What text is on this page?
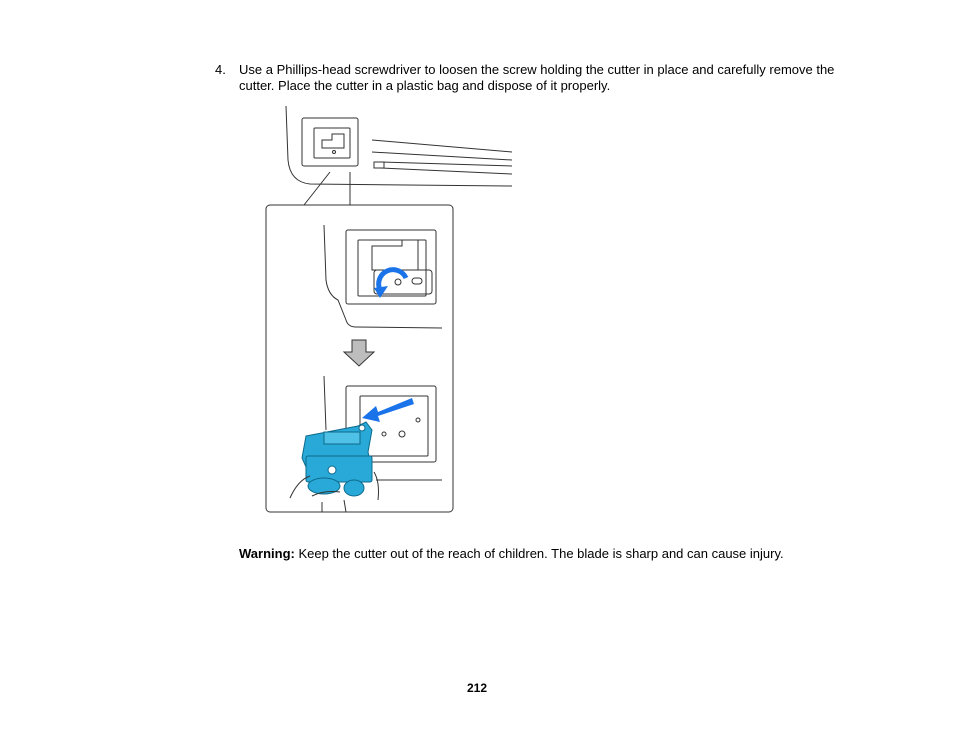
4. Use a Phillips-head screwdriver to loosen the screw holding the cutter in place and carefully remove the cutter. Place the cutter in a plastic bag and dispose of it properly.
Warning: Keep the cutter out of the reach of children. The blade is sharp and can cause injury.
212
